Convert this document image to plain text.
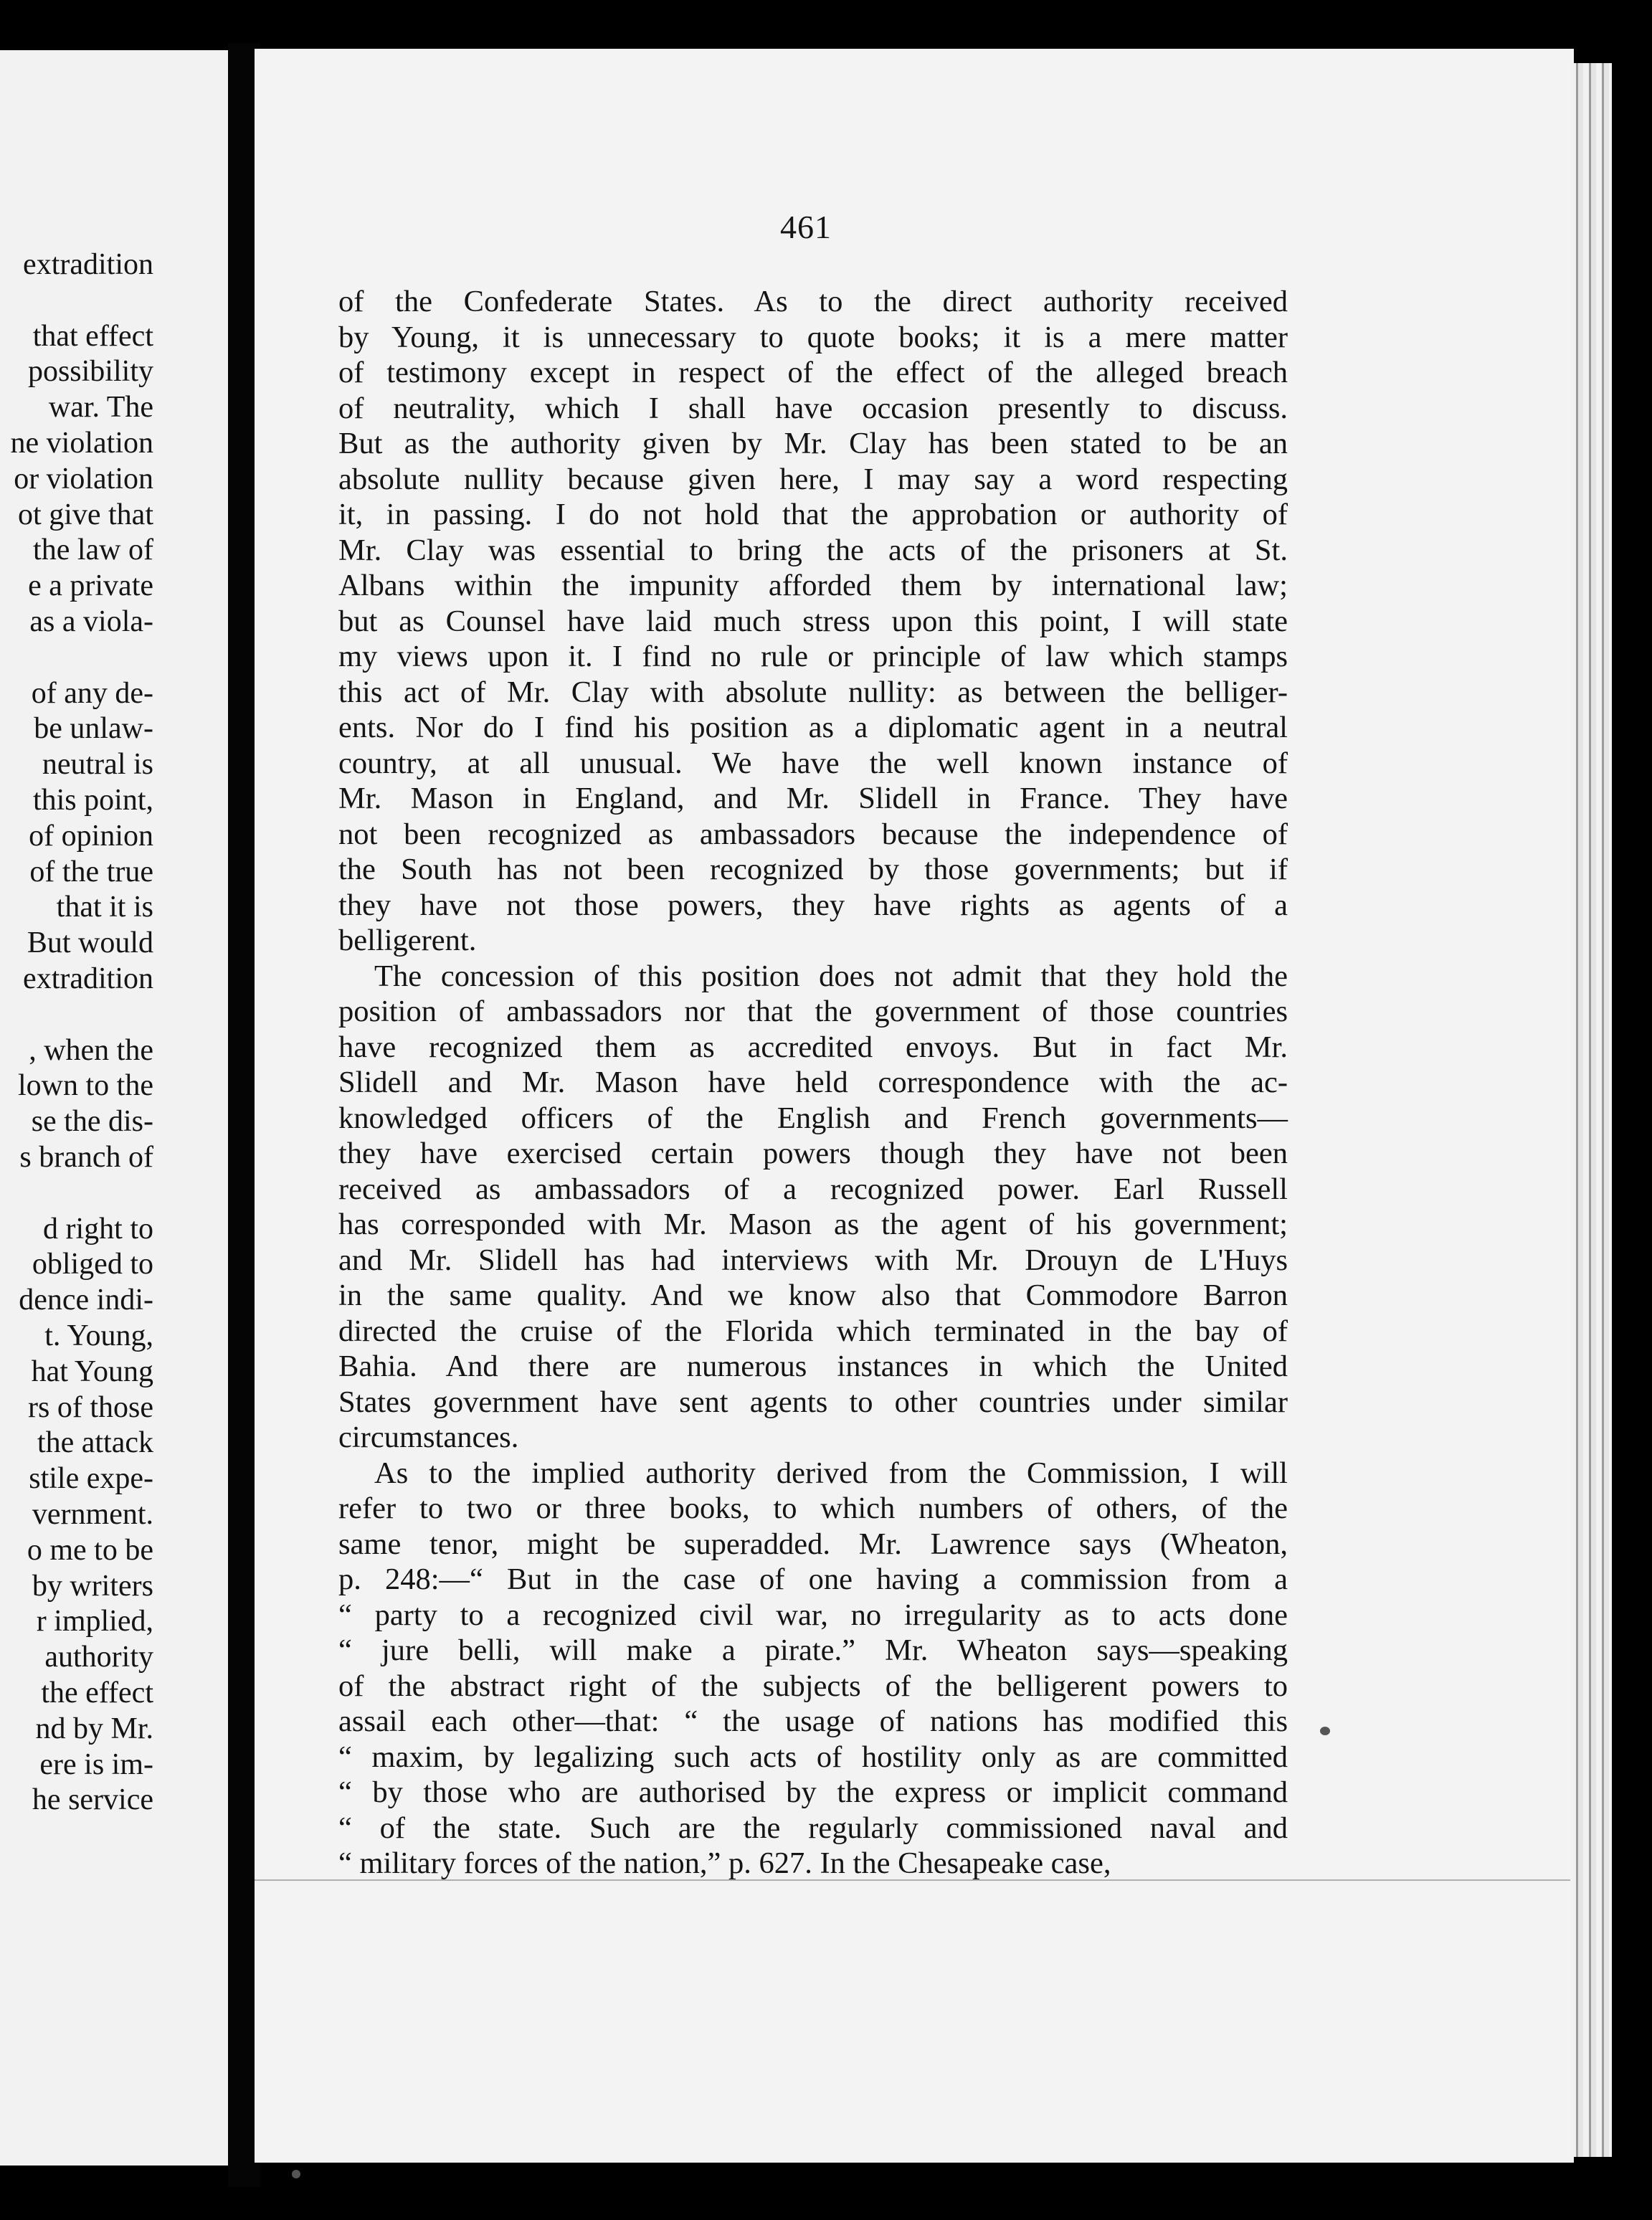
extradition
that effect
possibility
war. The
ne violation
or violation
ot give that
the law of
e a private
as a viola-
of any de-
be unlaw-
neutral is
this point,
of opinion
of the true
that it is
But would
extradition
, when the
lown to the
se the dis-
s branch of
d right to
obliged to
dence indi-
t. Young,
hat Young
rs of those
the attack
stile expe-
vernment.
o me to be
by writers
r implied,
authority
the effect
nd by Mr.
ere is im-
he service
461
of the Confederate States. As to the direct authority received
by Young, it is unnecessary to quote books; it is a mere matter
of testimony except in respect of the effect of the alleged breach
of neutrality, which I shall have occasion presently to discuss.
But as the authority given by Mr. Clay has been stated to be an
absolute nullity because given here, I may say a word respecting
it, in passing. I do not hold that the approbation or authority of
Mr. Clay was essential to bring the acts of the prisoners at St.
Albans within the impunity afforded them by international law;
but as Counsel have laid much stress upon this point, I will state
my views upon it. I find no rule or principle of law which stamps
this act of Mr. Clay with absolute nullity: as between the belliger-
ents. Nor do I find his position as a diplomatic agent in a neutral
country, at all unusual. We have the well known instance of
Mr. Mason in England, and Mr. Slidell in France. They have
not been recognized as ambassadors because the independence of
the South has not been recognized by those governments; but if
they have not those powers, they have rights as agents of a
belligerent.
The concession of this position does not admit that they hold the
position of ambassadors nor that the government of those countries
have recognized them as accredited envoys. But in fact Mr.
Slidell and Mr. Mason have held correspondence with the ac-
knowledged officers of the English and French governments—
they have exercised certain powers though they have not been
received as ambassadors of a recognized power. Earl Russell
has corresponded with Mr. Mason as the agent of his government;
and Mr. Slidell has had interviews with Mr. Drouyn de L'Huys
in the same quality. And we know also that Commodore Barron
directed the cruise of the Florida which terminated in the bay of
Bahia. And there are numerous instances in which the United
States government have sent agents to other countries under similar
circumstances.
As to the implied authority derived from the Commission, I will
refer to two or three books, to which numbers of others, of the
same tenor, might be superadded. Mr. Lawrence says (Wheaton,
p. 248:—“ But in the case of one having a commission from a
“ party to a recognized civil war, no irregularity as to acts done
“ jure belli, will make a pirate.” Mr. Wheaton says—speaking
of the abstract right of the subjects of the belligerent powers to
assail each other—that: “ the usage of nations has modified this
“ maxim, by legalizing such acts of hostility only as are committed
“ by those who are authorised by the express or implicit command
“ of the state. Such are the regularly commissioned naval and
“ military forces of the nation,” p. 627. In the Chesapeake case,
